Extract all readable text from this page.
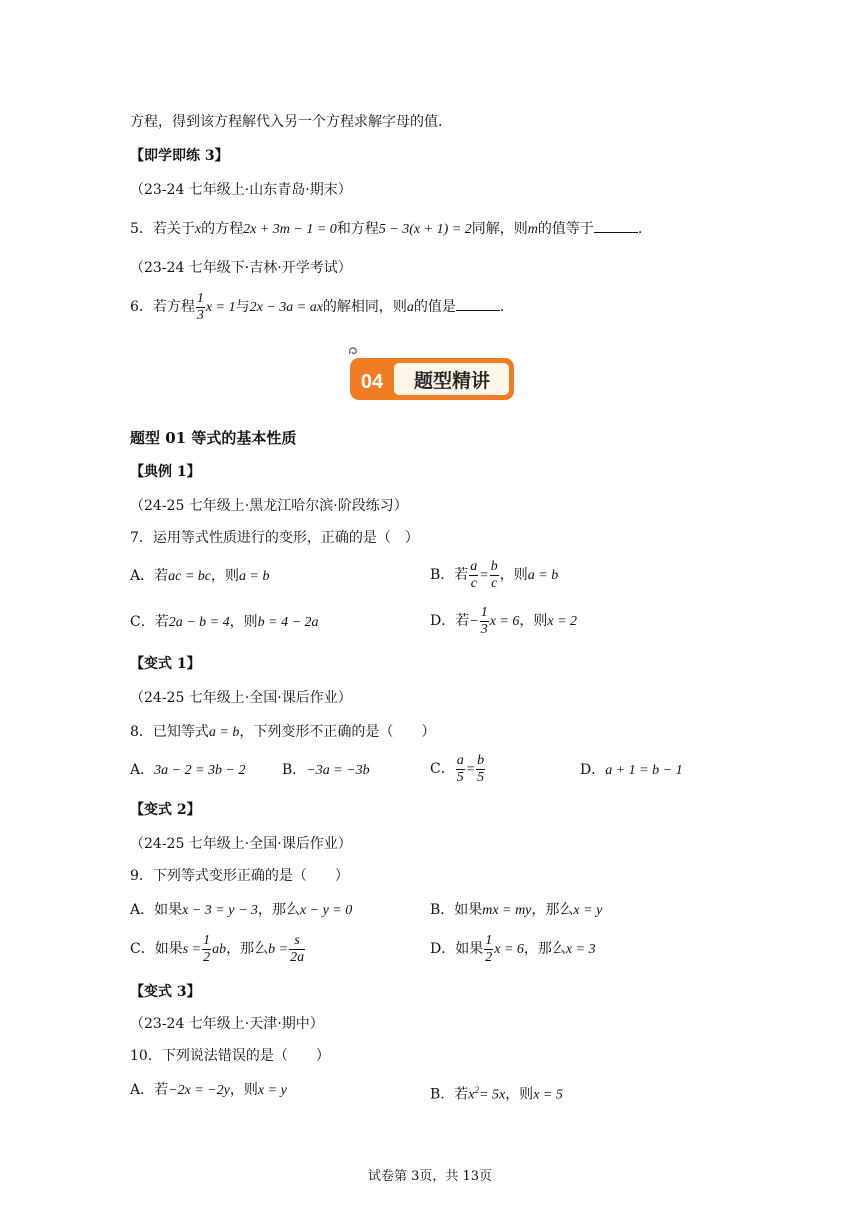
方程，得到该方程解代入另一个方程求解字母的值.
【即学即练 3】
（23-24 七年级上·山东青岛·期末）
5．若关于x的方程2x + 3m − 1 = 0和方程5 − 3(x + 1) = 2同解，则m的值等于	.
（23-24 七年级下·吉林·开学考试）
6．若方程 $\frac{1}{3}$ x = 1与2x − 3a = ax的解相同，则a的值是	.
04 题型精讲
题型 01 等式的基本性质
【典例 1】
（24-25 七年级上·黑龙江哈尔滨·阶段练习）
7．运用等式性质进行的变形，正确的是（　）
A．若ac = bc，则a = b	B．若 $\frac{a}{c} = \frac{b}{c}$ ，则a = b
C．若2a − b = 4，则b = 4 − 2a	D．若− $\frac{1}{3}$ x = 6，则x = 2
【变式 1】
（24-25 七年级上·全国·课后作业）
8．已知等式a = b，下列变形不正确的是（　　）
A．3a − 2 = 3b − 2	B．−3a = −3b	C． $\frac{a}{5} = \frac{b}{5}$	D．a + 1 = b − 1
【变式 2】
（24-25 七年级上·全国·课后作业）
9．下列等式变形正确的是（　　）
A．如果x − 3 = y − 3，那么x − y = 0	B．如果mx = my，那么x = y
C．如果$s = \frac{1}{2}$ ab，那么$b = \frac{s}{2a}$	D．如果 $\frac{1}{2}$ x = 6，那么x = 3
【变式 3】
（23-24 七年级上·天津·期中）
10．下列说法错误的是（　　）
A．若−2x = −2y，则x = y	B．若$x^2= 5x$，则x = 5
试卷第 3页，共 13页
